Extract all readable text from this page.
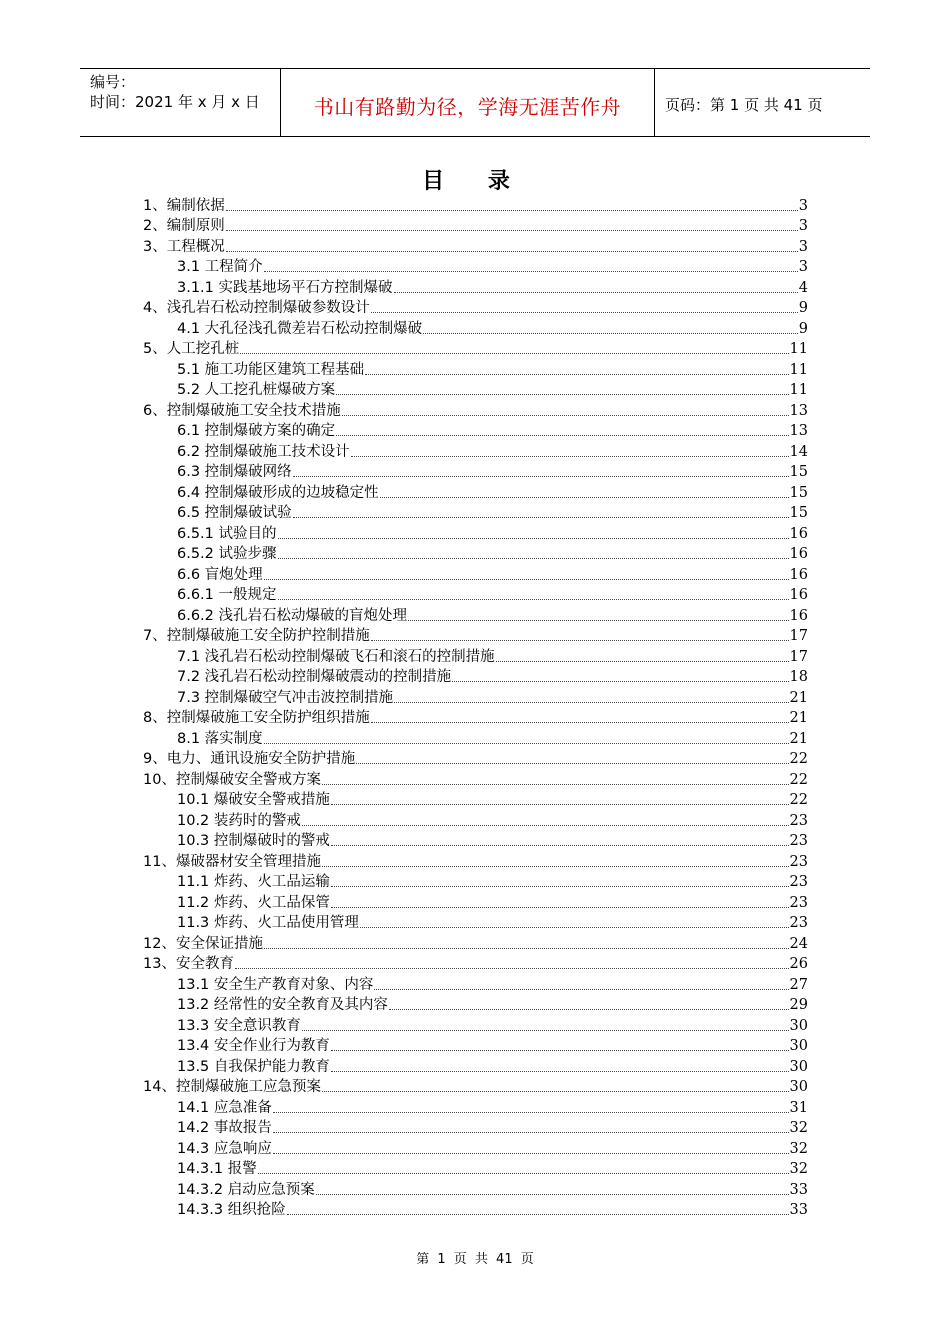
编号：
时间：2021 年 x 月 x 日	书山有路勤为径，学海无涯苦作舟	页码：第 1 页 共 41 页
目 录
1、编制依据	3
2、编制原则	3
3、工程概况	3
3.1 工程简介	3
3.1.1 实践基地场平石方控制爆破	4
4、浅孔岩石松动控制爆破参数设计	9
4.1 大孔径浅孔微差岩石松动控制爆破	9
5、人工挖孔桩	11
5.1 施工功能区建筑工程基础	11
5.2 人工挖孔桩爆破方案	11
6、控制爆破施工安全技术措施	13
6.1 控制爆破方案的确定	13
6.2 控制爆破施工技术设计	14
6.3 控制爆破网络	15
6.4 控制爆破形成的边坡稳定性	15
6.5 控制爆破试验	15
6.5.1 试验目的	16
6.5.2 试验步骤	16
6.6 盲炮处理	16
6.6.1 一般规定	16
6.6.2 浅孔岩石松动爆破的盲炮处理	16
7、控制爆破施工安全防护控制措施	17
7.1 浅孔岩石松动控制爆破飞石和滚石的控制措施	17
7.2 浅孔岩石松动控制爆破震动的控制措施	18
7.3 控制爆破空气冲击波控制措施	21
8、控制爆破施工安全防护组织措施	21
8.1 落实制度	21
9、电力、通讯设施安全防护措施	22
10、控制爆破安全警戒方案	22
10.1 爆破安全警戒措施	22
10.2 装药时的警戒	23
10.3 控制爆破时的警戒	23
11、爆破器材安全管理措施	23
11.1 炸药、火工品运输	23
11.2 炸药、火工品保管	23
11.3 炸药、火工品使用管理	23
12、安全保证措施	24
13、安全教育	26
13.1 安全生产教育对象、内容	27
13.2 经常性的安全教育及其内容	29
13.3 安全意识教育	30
13.4 安全作业行为教育	30
13.5 自我保护能力教育	30
14、控制爆破施工应急预案	30
14.1 应急准备	31
14.2 事故报告	32
14.3 应急响应	32
14.3.1 报警	32
14.3.2 启动应急预案	33
14.3.3 组织抢险	33
第 1 页 共 41 页
